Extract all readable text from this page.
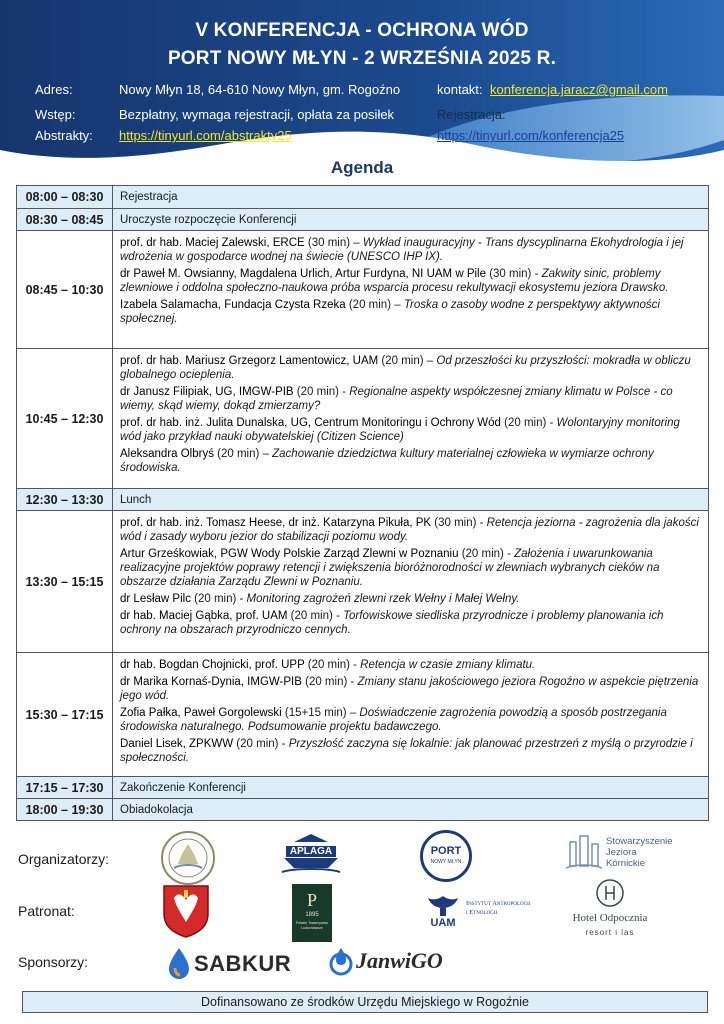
V KONFERENCJA - OCHRONA WÓD
PORT NOWY MŁYN - 2 WRZEŚNIA 2025 R.
Adres:	Nowy Młyn 18, 64-610 Nowy Młyn, gm. Rogoźno	kontakt: konferencja.jaracz@gmail.com
Wstęp:	Bezpłatny, wymaga rejestracji, opłata za posiłek	Rejestracja:
Abstrakty: https://tinyurl.com/abstrakty25	https://tinyurl.com/konferencja25
Agenda
08:00 – 08:30	Rejestracja
08:30 – 08:45	Uroczyste rozpoczęcie Konferencji
08:45 – 10:30
prof. dr hab. Maciej Zalewski, ERCE (30 min) – Wykład inauguracyjny - Trans dyscyplinarna Ekohydrologia i jej wdrożenia w gospodarce wodnej na świecie (UNESCO IHP IX).
dr Paweł M. Owsianny, Magdalena Urlich, Artur Furdyna, NI UAM w Pile (30 min) - Zakwity sinic, problemy zlewniowe i oddolna społeczno-naukowa próba wsparcia procesu rekultywacji ekosystemu jeziora Drawsko.
Izabela Salamacha, Fundacja Czysta Rzeka (20 min) – Troska o zasoby wodne z perspektywy aktywności społecznej.
10:45 – 12:30
prof. dr hab. Mariusz Grzegorz Lamentowicz, UAM (20 min) – Od przeszłości ku przyszłości: mokradła w obliczu globalnego ocieplenia.
dr Janusz Filipiak, UG, IMGW-PIB (20 min) - Regionalne aspekty współczesnej zmiany klimatu w Polsce - co wiemy, skąd wiemy, dokąd zmierzamy?
prof. dr hab. inż. Julita Dunalska, UG, Centrum Monitoringu i Ochrony Wód (20 min) - Wolontaryjny monitoring wód jako przykład nauki obywatelskiej (Citizen Science)
Aleksandra Olbryś (20 min) – Zachowanie dziedzictwa kultury materialnej człowieka w wymiarze ochrony środowiska.
12:30 – 13:30	Lunch
13:30 – 15:15
prof. dr hab. inż. Tomasz Heese, dr inż. Katarzyna Pikuła, PK (30 min) - Retencja jeziorna - zagrożenia dla jakości wód i zasady wyboru jezior do stabilizacji poziomu wody.
Artur Grześkowiak, PGW Wody Polskie Zarząd Zlewni w Poznaniu (20 min) - Założenia i uwarunkowania realizacyjne projektów poprawy retencji i zwiększenia bioróżnorodności w zlewniach wybranych cieków na obszarze działania Zarządu Zlewni w Poznaniu.
dr Lesław Pilc (20 min) - Monitoring zagrożeń zlewni rzek Wełny i Małej Wełny.
dr hab. Maciej Gąbka, prof. UAM (20 min) - Torfowiskowe siedliska przyrodnicze i problemy planowania ich ochrony na obszarach przyrodniczo cennych.
15:30 – 17:15
dr hab. Bogdan Chojnicki, prof. UPP (20 min) - Retencja w czasie zmiany klimatu.
dr Marika Kornaś-Dynia, IMGW-PIB (20 min) - Zmiany stanu jakościowego jeziora Rogoźno w aspekcie piętrzenia jego wód.
Zofia Pałka, Paweł Gorgolewski (15+15 min) – Doświadczenie zagrożenia powodzią a sposób postrzegania środowiska naturalnego. Podsumowanie projektu badawczego.
Daniel Lisek, ZPKWW (20 min) - Przyszłość zaczyna się lokalnie: jak planować przestrzeń z myślą o przyrodzie i społeczności.
17:15 – 17:30	Zakończenie Konferencji
18:00 – 19:30	Obiadokolacja
Organizatorzy:
Patronat:
Sponsorzy:
APLAGA	PORT
NOWY MŁYN
Stowarzyszenie
Jeziora
Kórnickie
P
1895
Polskie Towarzystwo Ludoznawcze	UAM
Instytut Antropologii
i Etnologii	Hotel Odpocznia
resort i las
SABKUR	JanwiGO
Dofinansowano ze środków Urzędu Miejskiego w Rogoźnie
